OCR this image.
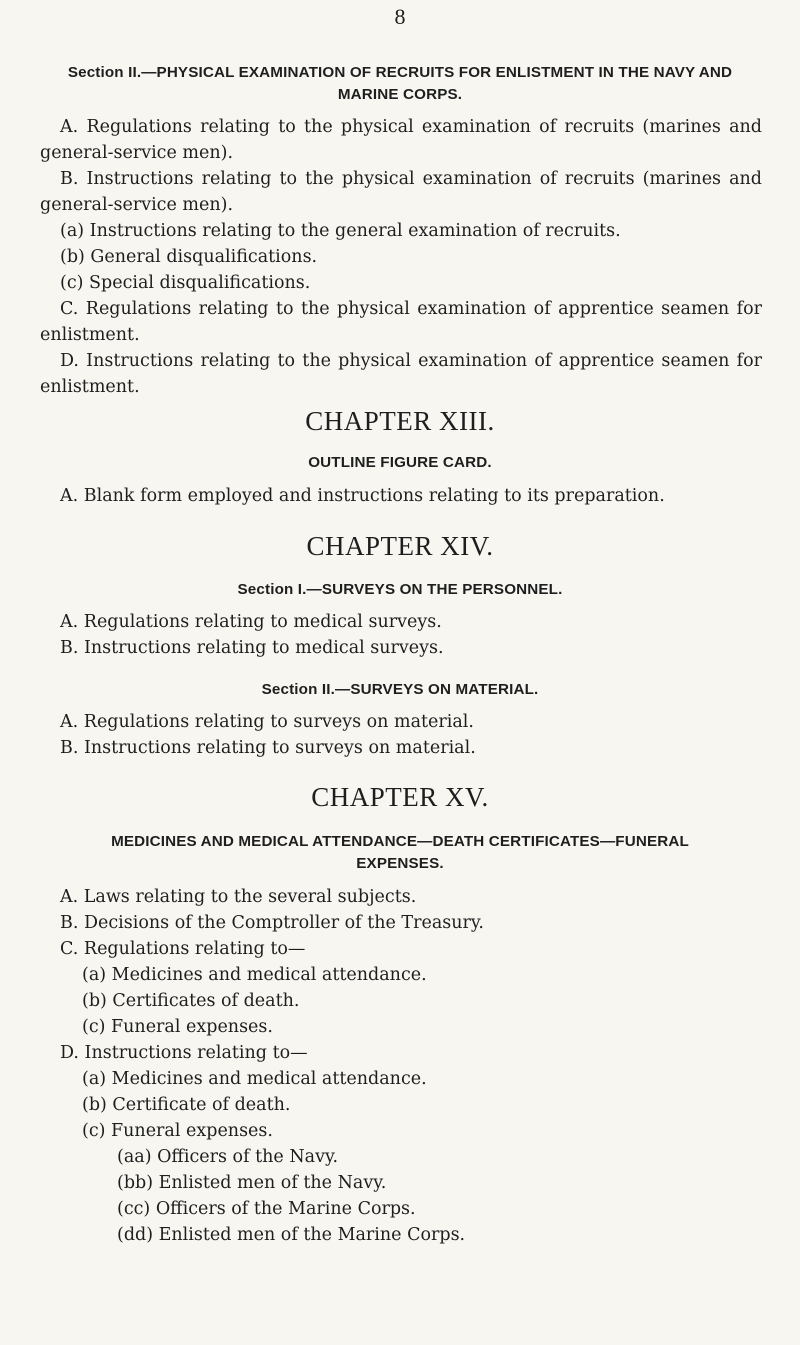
8
Section II.—PHYSICAL EXAMINATION OF RECRUITS FOR ENLISTMENT IN THE NAVY AND
MARINE CORPS.
A. Regulations relating to the physical examination of recruits (marines and
general-service men).
B. Instructions relating to the physical examination of recruits (marines and
general-service men).
(a) Instructions relating to the general examination of recruits.
(b) General disqualifications.
(c) Special disqualifications.
C. Regulations relating to the physical examination of apprentice seamen for
enlistment.
D. Instructions relating to the physical examination of apprentice seamen for
enlistment.
CHAPTER XIII.
OUTLINE FIGURE CARD.
A. Blank form employed and instructions relating to its preparation.
CHAPTER XIV.
Section I.—SURVEYS ON THE PERSONNEL.
A. Regulations relating to medical surveys.
B. Instructions relating to medical surveys.
Section II.—SURVEYS ON MATERIAL.
A. Regulations relating to surveys on material.
B. Instructions relating to surveys on material.
CHAPTER XV.
MEDICINES AND MEDICAL ATTENDANCE—DEATH CERTIFICATES—FUNERAL
EXPENSES.
A. Laws relating to the several subjects.
B. Decisions of the Comptroller of the Treasury.
C. Regulations relating to—
(a) Medicines and medical attendance.
(b) Certificates of death.
(c) Funeral expenses.
D. Instructions relating to—
(a) Medicines and medical attendance.
(b) Certificate of death.
(c) Funeral expenses.
(aa) Officers of the Navy.
(bb) Enlisted men of the Navy.
(cc) Officers of the Marine Corps.
(dd) Enlisted men of the Marine Corps.
